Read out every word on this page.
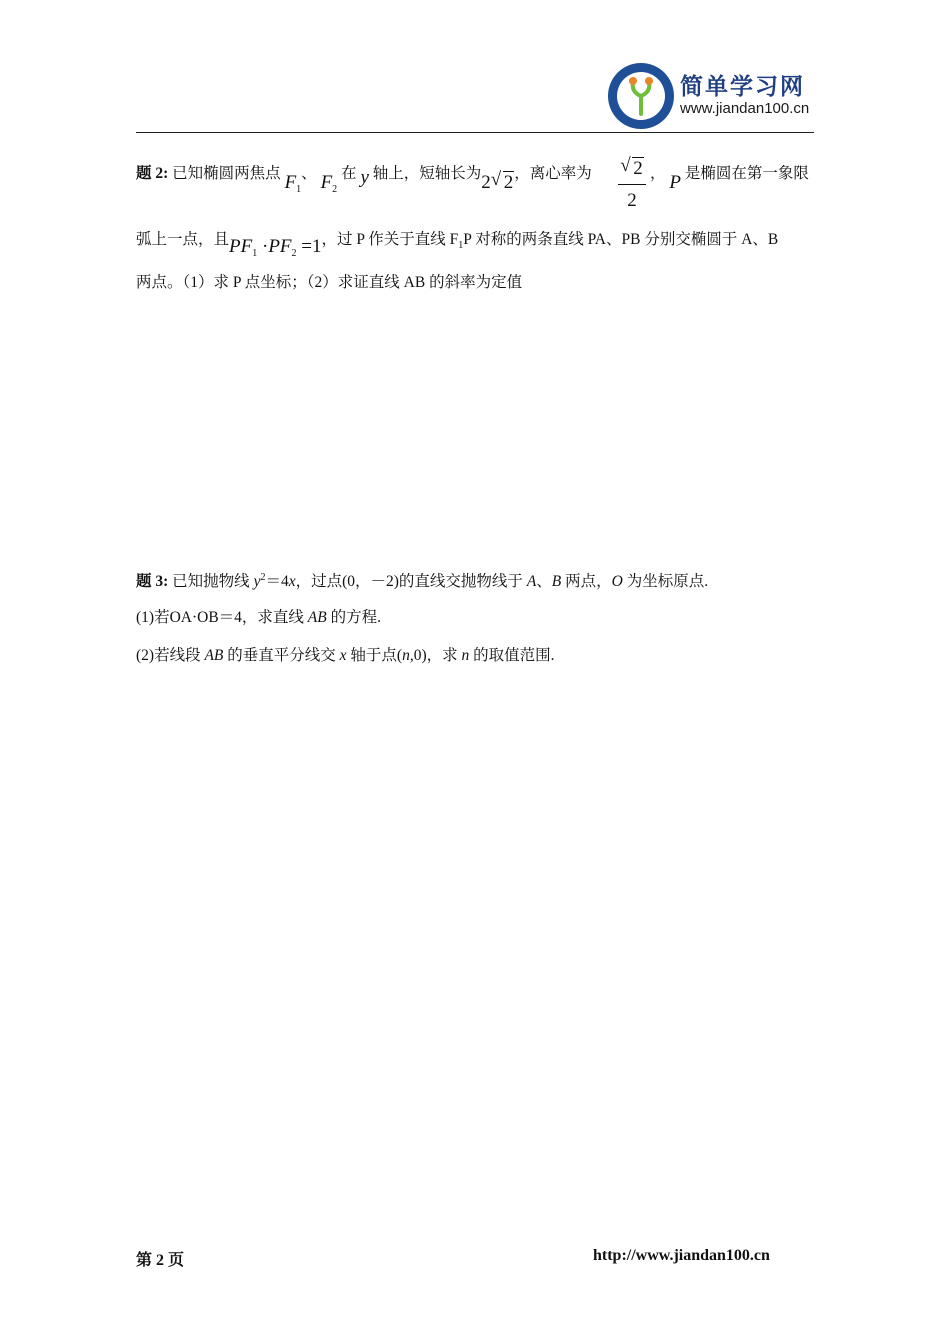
简单学习网
www.jiandan100.cn
题 2: 已知椭圆两焦点 $F_1$、 $F_2$ 在 y 轴上，短轴长为2 √ 2，离心率为 √ 2
2
， P 是椭圆在第一象限
弧上一点，且$PF_1 \cdot PF_2 =1$，过 P 作关于直线 $F_1P$ 对称的两条直线 PA、PB 分别交椭圆于 A、B
两点。（1）求 P 点坐标；（2）求证直线 AB 的斜率为定值
题 3: 已知抛物线 $y^2=4x$，过点(0，－2)的直线交抛物线于 A、B 两点，O 为坐标原点.
(1)若OA·OB＝4，求直线 AB 的方程.
(2)若线段 AB 的垂直平分线交 x 轴于点(n,0)，求 n 的取值范围.
第 2 页	http://www.jiandan100.cn
